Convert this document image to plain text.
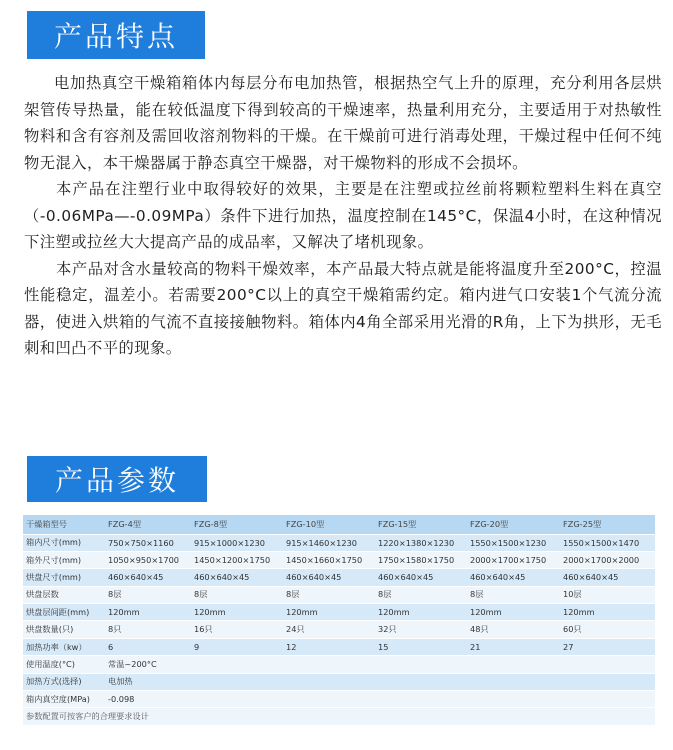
产品特点

电加热真空干燥箱箱体内每层分布电加热管，根据热空气上升的原理，充分利用各层烘架管传导热量，能在较低温度下得到较高的干燥速率，热量利用充分，主要适用于对热敏性物料和含有容剂及需回收溶剂物料的干燥。在干燥前可进行消毒处理，干燥过程中任何不纯物无混入，本干燥器属于静态真空干燥器，对干燥物料的形成不会损坏。

本产品在注塑行业中取得较好的效果，主要是在注塑或拉丝前将颗粒塑料生料在真空（-0.06MPa—-0.09MPa）条件下进行加热，温度控制在145°C，保温4小时，在这种情况下注塑或拉丝大大提高产品的成品率，又解决了堵机现象。

本产品对含水量较高的物料干燥效率，本产品最大特点就是能将温度升至200°C，控温性能稳定，温差小。若需要200°C以上的真空干燥箱需约定。箱内进气口安装1个气流分流器，使进入烘箱的气流不直接接触物料。箱体内4角全部采用光滑的R角，上下为拱形，无毛刺和凹凸不平的现象。

产品参数
干燥箱型号	FZG-4型	FZG-8型	FZG-10型	FZG-15型	FZG-20型	FZG-25型
箱内尺寸(mm)	750×750×1160	915×1000×1230	915×1460×1230	1220×1380×1230	1550×1500×1230	1550×1500×1470
箱外尺寸(mm)	1050×950×1700	1450×1200×1750	1450×1660×1750	1750×1580×1750	2000×1700×1750	2000×1700×2000
烘盘尺寸(mm)	460×640×45	460×640×45	460×640×45	460×640×45	460×640×45	460×640×45
烘盘层数	8层	8层	8层	8层	8层	10层
烘盘层间距(mm)	120mm	120mm	120mm	120mm	120mm	120mm
烘盘数量(只)	8只	16只	24只	32只	48只	60只
加热功率（kw）	6	9	12	15	21	27
使用温度(°C)	常温~200°C					
加热方式(选择)	电加热					
箱内真空度(MPa)	-0.098					
参数配置可按客户的合理要求设计
